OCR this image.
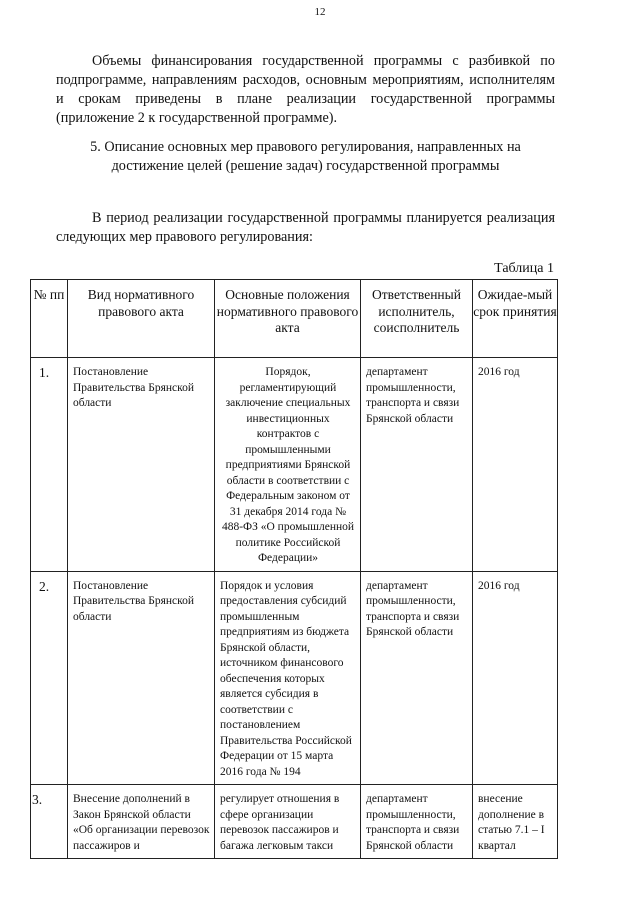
12
Объемы финансирования государственной программы с разбивкой по подпрограмме, направлениям расходов, основным мероприятиям, исполнителям и срокам приведены в плане реализации государственной программы (приложение 2 к государственной программе).
5. Описание основных мер правового регулирования, направленных на достижение целей (решение задач) государственной программы
В период реализации государственной программы планируется реализация следующих мер правового регулирования:
Таблица 1
№ пп	Вид нормативного правового акта	Основные положения нормативного правового акта	Ответственный исполнитель, соисполнитель	Ожидае-мый срок принятия
1.	Постановление Правительства Брянской области	Порядок, регламентирующий заключение специальных инвестиционных контрактов с промышленными предприятиями Брянской области в соответствии с Федеральным законом от 31 декабря 2014 года № 488-ФЗ «О промышленной политике Российской Федерации»	департамент промышленности, транспорта и связи Брянской области	2016 год
2.	Постановление Правительства Брянской области	Порядок и условия предоставления субсидий промышленным предприятиям из бюджета Брянской области, источником финансового обеспечения которых является субсидия в соответствии с постановлением Правительства Российской Федерации от 15 марта 2016 года № 194	департамент промышленности, транспорта и связи Брянской области	2016 год
3.	Внесение дополнений в Закон Брянской области «Об организации перевозок пассажиров и	регулирует отношения в сфере организации перевозок пассажиров и багажа легковым такси	департамент промышленности, транспорта и связи Брянской области	внесение дополнение в статью 7.1 – I квартал
